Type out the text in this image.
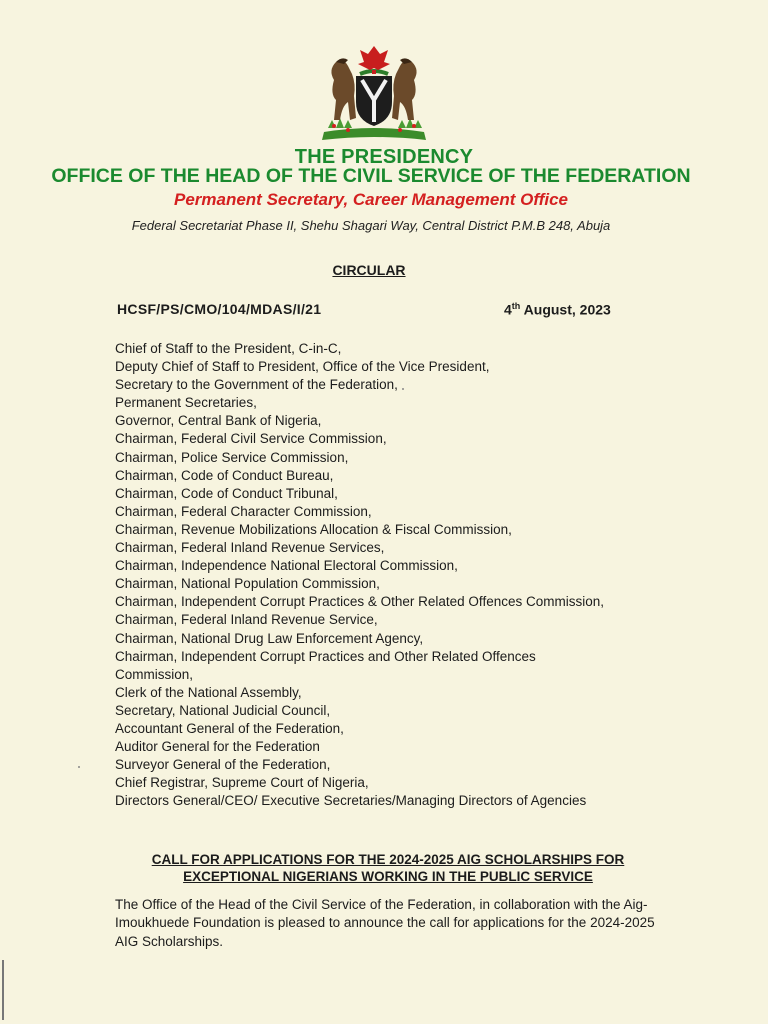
THE PRESIDENCY
OFFICE OF THE HEAD OF THE CIVIL SERVICE OF THE FEDERATION
Permanent Secretary, Career Management Office
Federal Secretariat Phase II, Shehu Shagari Way, Central District P.M.B 248, Abuja
CIRCULAR
HCSF/PS/CMO/104/MDAS/I/21	4th August, 2023
Chief of Staff to the President, C-in-C,
Deputy Chief of Staff to President, Office of the Vice President,
Secretary to the Government of the Federation,
Permanent Secretaries,
Governor, Central Bank of Nigeria,
Chairman, Federal Civil Service Commission,
Chairman, Police Service Commission,
Chairman, Code of Conduct Bureau,
Chairman, Code of Conduct Tribunal,
Chairman, Federal Character Commission,
Chairman, Revenue Mobilizations Allocation & Fiscal Commission,
Chairman, Federal Inland Revenue Services,
Chairman, Independence National Electoral Commission,
Chairman, National Population Commission,
Chairman, Independent Corrupt Practices & Other Related Offences Commission,
Chairman, Federal Inland Revenue Service,
Chairman, National Drug Law Enforcement Agency,
Chairman, Independent Corrupt Practices and Other Related Offences
Commission,
Clerk of the National Assembly,
Secretary, National Judicial Council,
Accountant General of the Federation,
Auditor General for the Federation
Surveyor General of the Federation,
Chief Registrar, Supreme Court of Nigeria,
Directors General/CEO/ Executive Secretaries/Managing Directors of Agencies
CALL FOR APPLICATIONS FOR THE 2024-2025 AIG SCHOLARSHIPS FOR
EXCEPTIONAL NIGERIANS WORKING IN THE PUBLIC SERVICE
The Office of the Head of the Civil Service of the Federation, in collaboration with the Aig-Imoukhuede Foundation is pleased to announce the call for applications for the 2024-2025 AIG Scholarships.
